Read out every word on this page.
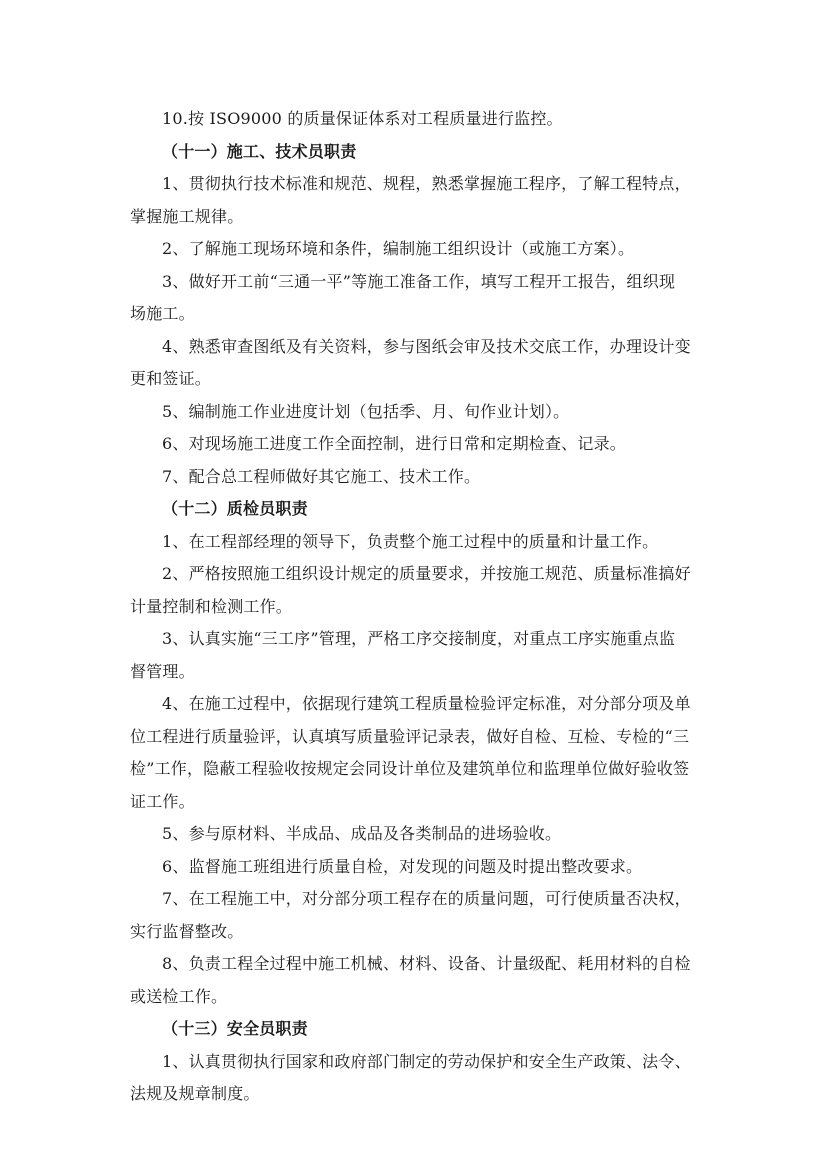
10.按 ISO9000 的质量保证体系对工程质量进行监控。
（十一）施工、技术员职责
1、贯彻执行技术标准和规范、规程，熟悉掌握施工程序，了解工程特点，
掌握施工规律。
2、了解施工现场环境和条件，编制施工组织设计（或施工方案）。
3、做好开工前“三通一平”等施工准备工作，填写工程开工报告，组织现
场施工。
4、熟悉审查图纸及有关资料，参与图纸会审及技术交底工作，办理设计变
更和签证。
5、编制施工作业进度计划（包括季、月、旬作业计划）。
6、对现场施工进度工作全面控制，进行日常和定期检查、记录。
7、配合总工程师做好其它施工、技术工作。
（十二）质检员职责
1、在工程部经理的领导下，负责整个施工过程中的质量和计量工作。
2、严格按照施工组织设计规定的质量要求，并按施工规范、质量标准搞好
计量控制和检测工作。
3、认真实施“三工序”管理，严格工序交接制度，对重点工序实施重点监
督管理。
4、在施工过程中，依据现行建筑工程质量检验评定标准，对分部分项及单
位工程进行质量验评，认真填写质量验评记录表，做好自检、互检、专检的“三
检”工作，隐蔽工程验收按规定会同设计单位及建筑单位和监理单位做好验收签
证工作。
5、参与原材料、半成品、成品及各类制品的进场验收。
6、监督施工班组进行质量自检，对发现的问题及时提出整改要求。
7、在工程施工中，对分部分项工程存在的质量问题，可行使质量否决权，
实行监督整改。
8、负责工程全过程中施工机械、材料、设备、计量级配、耗用材料的自检
或送检工作。
（十三）安全员职责
1、认真贯彻执行国家和政府部门制定的劳动保护和安全生产政策、法令、
法规及规章制度。
